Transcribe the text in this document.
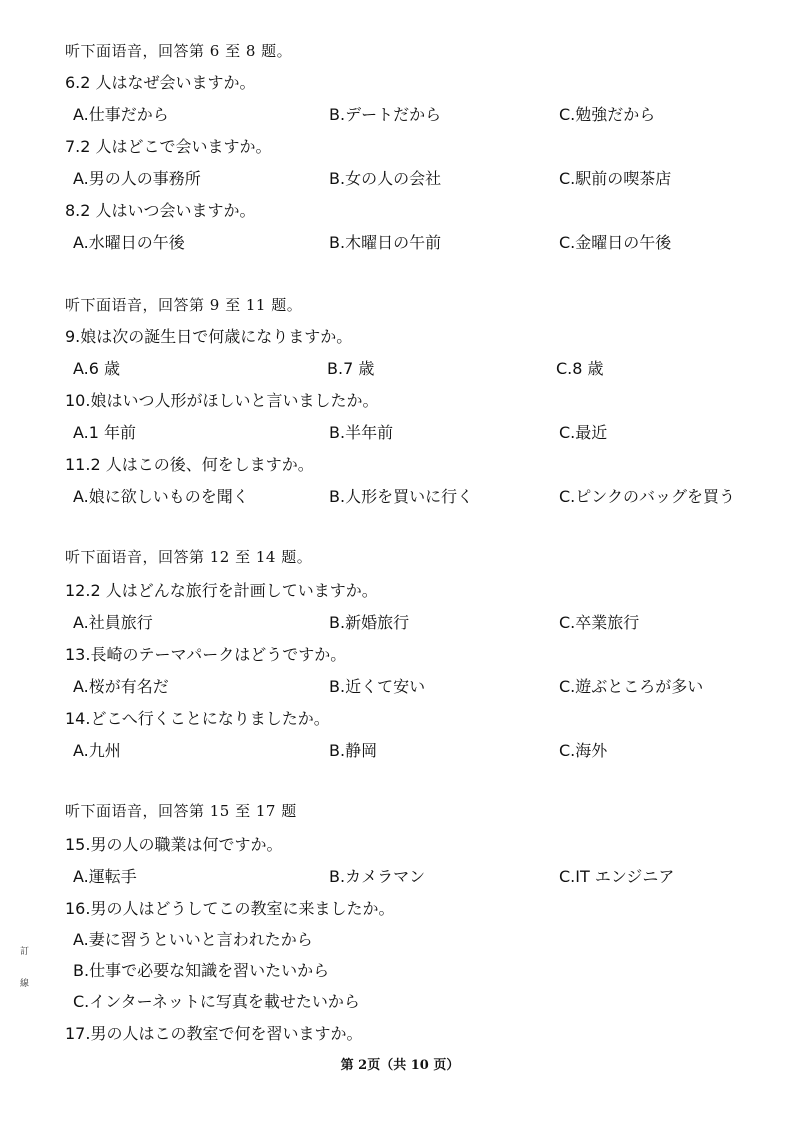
听下面语音，回答第 6 至 8 题。
6.2 人はなぜ会いますか。
A.仕事だから	B.デートだから	C.勉強だから
7.2 人はどこで会いますか。
A.男の人の事務所	B.女の人の会社	C.駅前の喫茶店
8.2 人はいつ会いますか。
A.水曜日の午後	B.木曜日の午前	C.金曜日の午後
听下面语音，回答第 9 至 11 题。
9.娘は次の誕生日で何歳になりますか。
A.6 歳	B.7 歳	C.8 歳
10.娘はいつ人形がほしいと言いましたか。
A.1 年前	B.半年前	C.最近
11.2 人はこの後、何をしますか。
A.娘に欲しいものを聞く	B.人形を買いに行く	C.ピンクのバッグを買う
听下面语音，回答第 12 至 14 题。
12.2 人はどんな旅行を計画していますか。
A.社員旅行	B.新婚旅行	C.卒業旅行
13.長崎のテーマパークはどうですか。
A.桜が有名だ	B.近くて安い	C.遊ぶところが多い
14.どこへ行くことになりましたか。
A.九州	B.静岡	C.海外
听下面语音，回答第 15 至 17 题
15.男の人の職業は何ですか。
A.運転手	B.カメラマン	C.IT エンジニア
16.男の人はどうしてこの教室に来ましたか。
A.妻に習うといいと言われたから
B.仕事で必要な知識を習いたいから
C.インターネットに写真を載せたいから
17.男の人はこの教室で何を習いますか。
訂
線
第 2页（共 10 页）
